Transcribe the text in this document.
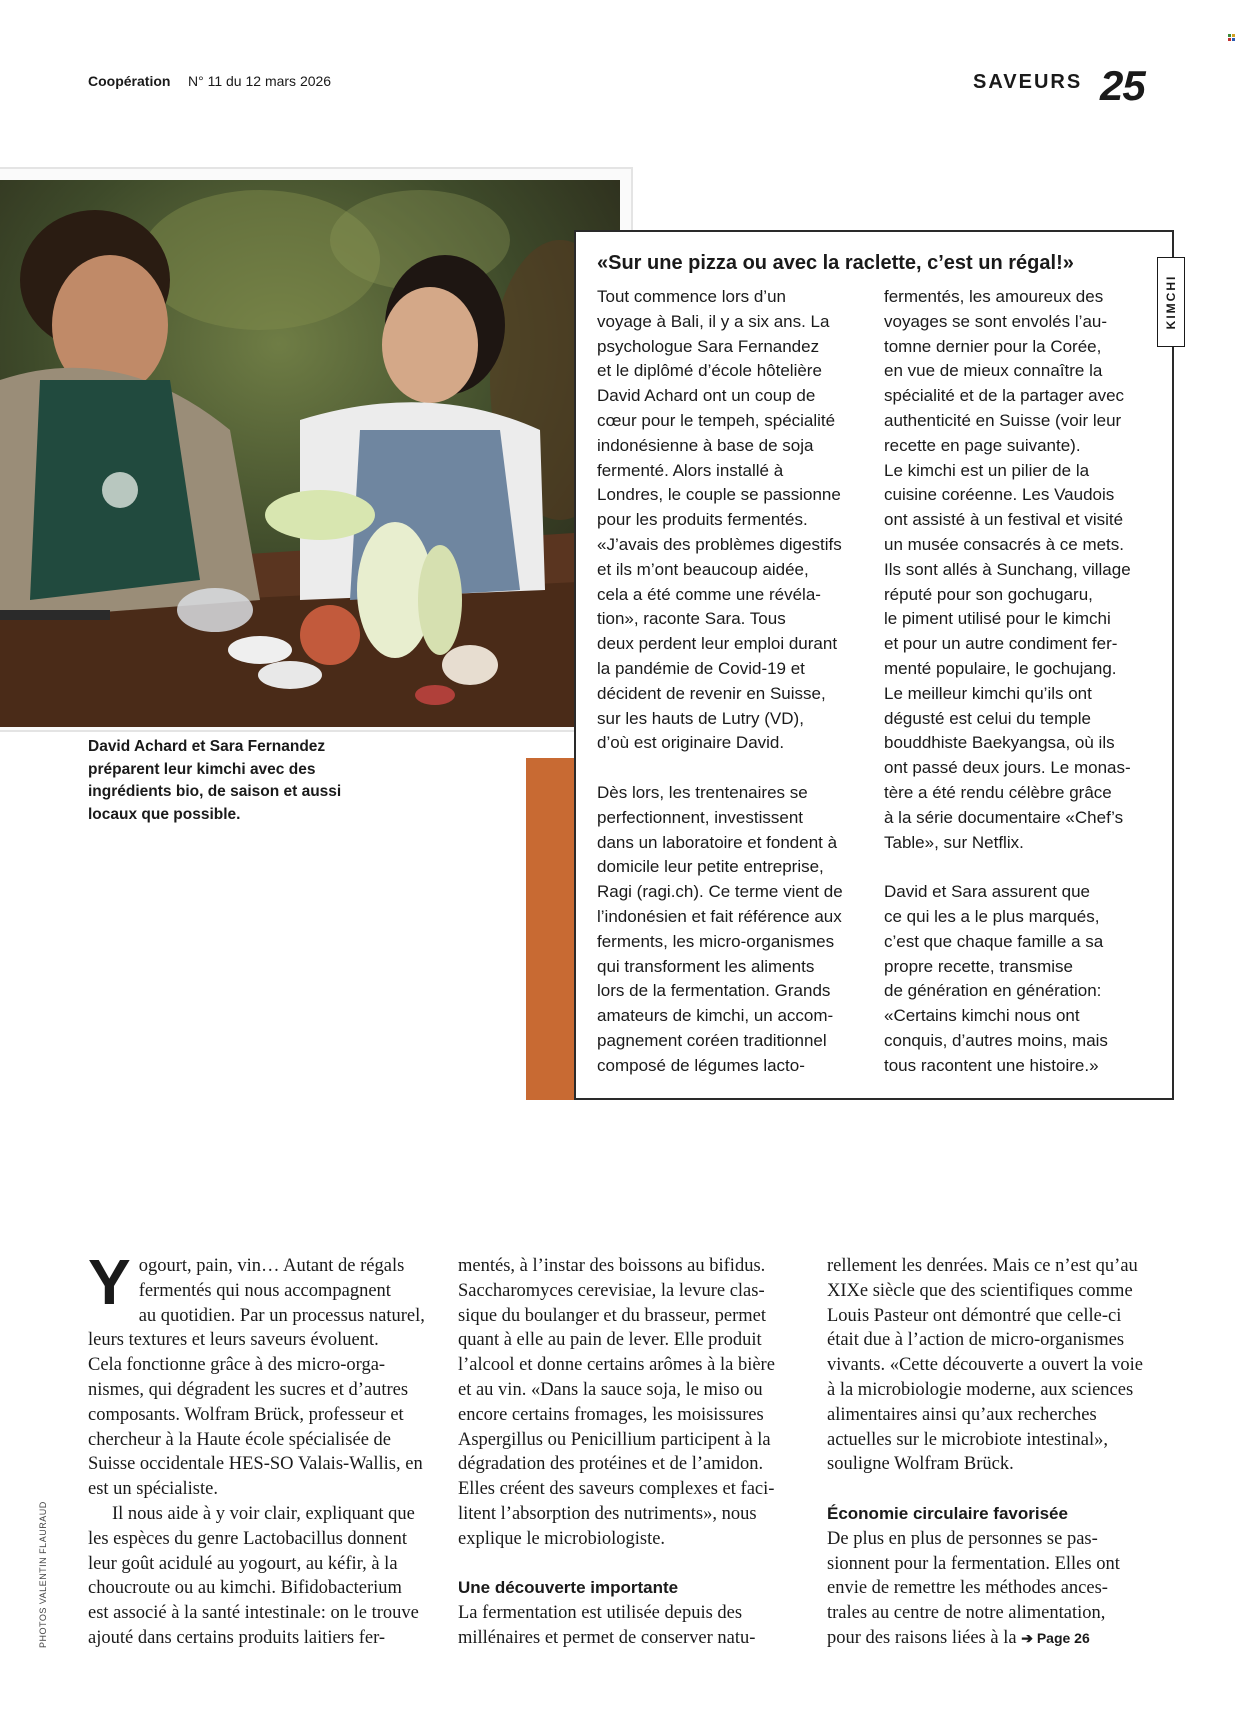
Coopération N° 11 du 12 mars 2026	SAVEURS 25
David Achard et Sara Fernandez préparent leur kimchi avec des ingrédients bio, de saison et aussi locaux que possible.
PHOTOS VALENTIN FLAURAUD
«Sur une pizza ou avec la raclette, c’est un régal!»
KIMCHI

Tout commence lors d’un
voyage à Bali, il y a six ans. La
psychologue Sara Fernandez
et le diplômé d’école hôtelière
David Achard ont un coup de
cœur pour le tempeh, spécialité
indonésienne à base de soja
fermenté. Alors installé à
Londres, le couple se passionne
pour les produits fermentés.
«J’avais des problèmes digestifs
et ils m’ont beaucoup aidée,
cela a été comme une révéla-
tion», raconte Sara. Tous
deux perdent leur emploi durant
la pandémie de Covid-19 et
décident de revenir en Suisse,
sur les hauts de Lutry (VD),
d’où est originaire David.

Dès lors, les trentenaires se
perfectionnent, investissent
dans un laboratoire et fondent à
domicile leur petite entreprise,
Ragi (ragi.ch). Ce terme vient de
l’indonésien et fait référence aux
ferments, les micro-organismes
qui transforment les aliments
lors de la fermentation. Grands
amateurs de kimchi, un accom-
pagnement coréen traditionnel
composé de légumes lacto-

fermentés, les amoureux des
voyages se sont envolés l’au-
tomne dernier pour la Corée,
en vue de mieux connaître la
spécialité et de la partager avec
authenticité en Suisse (voir leur
recette en page suivante).
Le kimchi est un pilier de la
cuisine coréenne. Les Vaudois
ont assisté à un festival et visité
un musée consacrés à ce mets.
Ils sont allés à Sunchang, village
réputé pour son gochugaru,
le piment utilisé pour le kimchi
et pour un autre condiment fer-
menté populaire, le gochujang.
Le meilleur kimchi qu’ils ont
dégusté est celui du temple
bouddhiste Baekyangsa, où ils
ont passé deux jours. Le monas-
tère a été rendu célèbre grâce
à la série documentaire «Chef’s
Table», sur Netflix.

David et Sara assurent que
ce qui les a le plus marqués,
c’est que chaque famille a sa
propre recette, transmise
de génération en génération:
«Certains kimchi nous ont
conquis, d’autres moins, mais
tous racontent une histoire.»

Yogourt, pain, vin… Autant de régals
fermentés qui nous accompagnent
au quotidien. Par un processus naturel,
leurs textures et leurs saveurs évoluent.
Cela fonctionne grâce à des micro-orga-
nismes, qui dégradent les sucres et d’autres
composants. Wolfram Brück, professeur et
chercheur à la Haute école spécialisée de
Suisse occidentale HES-SO Valais-Wallis, en
est un spécialiste.

Il nous aide à y voir clair, expliquant que
les espèces du genre Lactobacillus donnent
leur goût acidulé au yogourt, au kéfir, à la
choucroute ou au kimchi. Bifidobacterium
est associé à la santé intestinale: on le trouve
ajouté dans certains produits laitiers fer-

mentés, à l’instar des boissons au bifidus.
Saccharomyces cerevisiae, la levure clas-
sique du boulanger et du brasseur, permet
quant à elle au pain de lever. Elle produit
l’alcool et donne certains arômes à la bière
et au vin. «Dans la sauce soja, le miso ou
encore certains fromages, les moisissures
Aspergillus ou Penicillium participent à la
dégradation des protéines et de l’amidon.
Elles créent des saveurs complexes et faci-
litent l’absorption des nutriments», nous
explique le microbiologiste.

Une découverte importante

La fermentation est utilisée depuis des
millénaires et permet de conserver natu-

rellement les denrées. Mais ce n’est qu’au
XIXe siècle que des scientifiques comme
Louis Pasteur ont démontré que celle-ci
était due à l’action de micro-organismes
vivants. «Cette découverte a ouvert la voie
à la microbiologie moderne, aux sciences
alimentaires ainsi qu’aux recherches
actuelles sur le microbiote intestinal»,
souligne Wolfram Brück.

Économie circulaire favorisée

De plus en plus de personnes se pas-
sionnent pour la fermentation. Elles ont
envie de remettre les méthodes ances-
trales au centre de notre alimentation,
pour des raisons liées à la ➔ Page 26
